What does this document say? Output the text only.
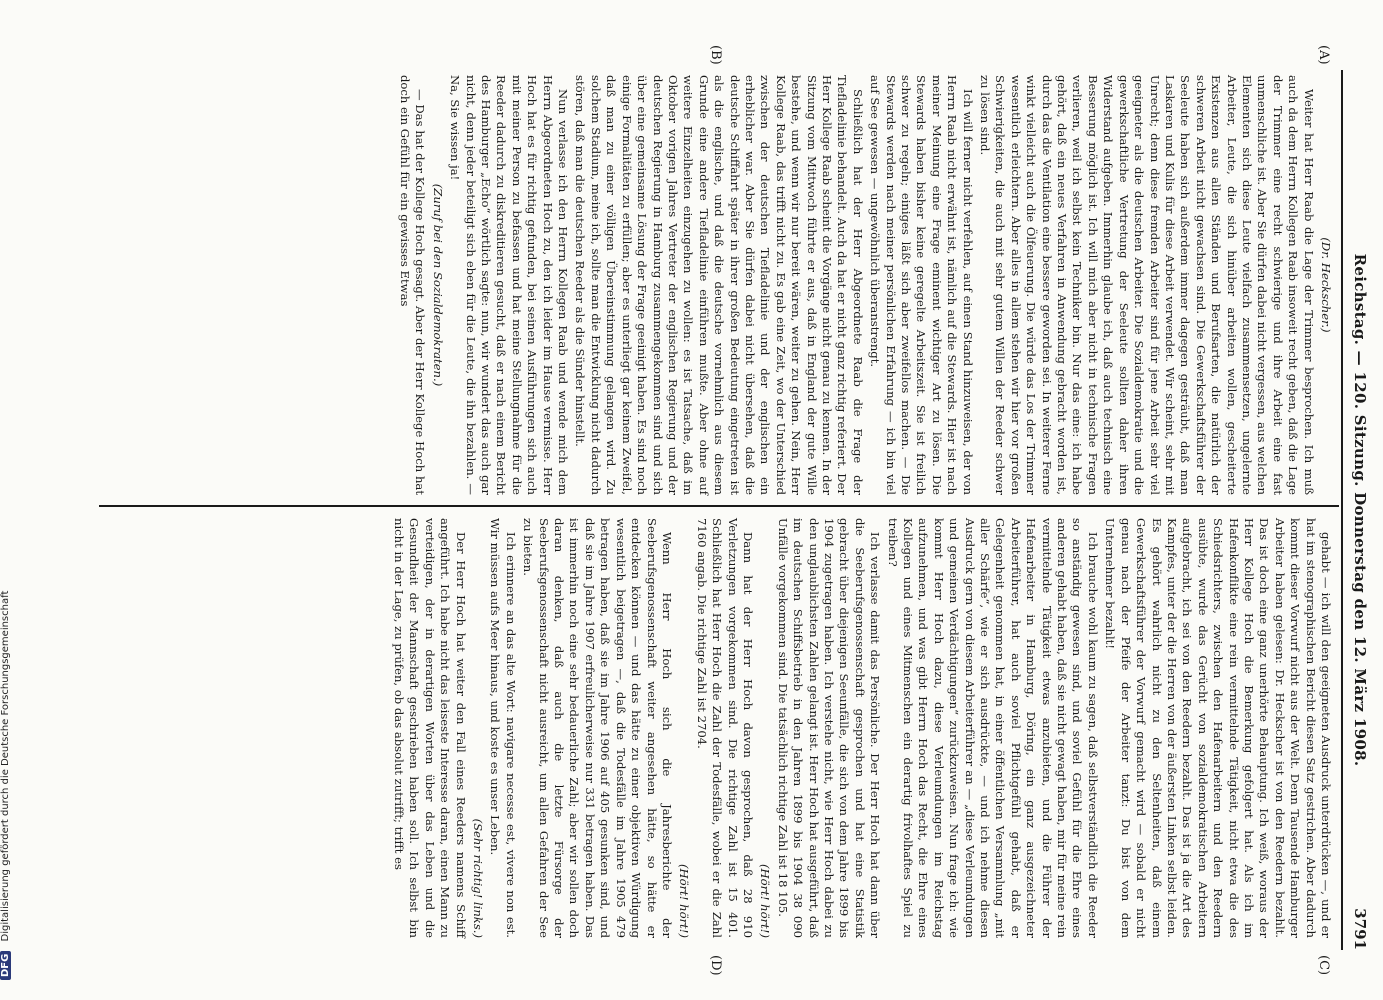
Reichstag. — 120. Sitzung. Donnerstag den 12. März 1908.
3791
(A)
(B)
(C)
(D)

(Dr. Heckscher.)

Weiter hat Herr Raab die Lage der Trimmer besprochen. Ich muß auch da dem Herrn Kollegen Raab insoweit recht geben, daß die Lage der Trimmer eine recht schwierige und ihre Arbeit eine fast unmenschliche ist. Aber Sie dürfen dabei nicht vergessen, aus welchen Elementen sich diese Leute vielfach zusammensetzen, ungelernte Arbeiter, Leute, die sich hinüber arbeiten wollen, gescheiterte Existenzen aus allen Ständen und Berufsarten, die natürlich der schweren Arbeit nicht gewachsen sind. Die Gewerkschaftsführer der Seeleute haben sich außerdem immer dagegen gesträubt, daß man Laskaren und Kulis für diese Arbeit verwendet. Wir scheint, sehr mit Unrecht; denn diese fremden Arbeiter sind für jene Arbeit sehr viel geeigneter als die deutschen Arbeiter. Die Sozialdemokratie und die gewerkschaftliche Vertretung der Seeleute sollten daher ihren Widerstand aufgeben. Immerhin glaube ich, daß auch technisch eine Besserung möglich ist. Ich will mich aber nicht in technische Fragen verlieren, weil ich selbst kein Techniker bin. Nur das eine: ich habe gehört, daß ein neues Verfahren in Anwendung gebracht worden ist, durch das die Ventilation eine bessere geworden sei. In weiterer Ferne winkt vielleicht auch die Ölfeuerung. Die würde das Los der Trimmer wesentlich erleichtern. Aber alles in allem stehen wir hier vor großen Schwierigkeiten, die auch mit sehr gutem Willen der Reeder schwer zu lösen sind.

Ich will ferner nicht verfehlen, auf einen Stand hinzuweisen, der von Herrn Raab nicht erwähnt ist, nämlich auf die Stewards. Hier ist nach meiner Meinung eine Frage eminent wichtiger Art zu lösen. Die Stewards haben bisher keine geregelte Arbeitszeit. Sie ist freilich schwer zu regeln; einiges läßt sich aber zweifellos machen. — Die Stewards werden nach meiner persönlichen Erfahrung — ich bin viel auf See gewesen — ungewöhnlich überanstrengt.

Schließlich hat der Herr Abgeordnete Raab die Frage der Tiefladelinie behandelt. Auch da hat er nicht ganz richtig referiert. Der Herr Kollege Raab scheint die Vorgänge nicht genau zu kennen. In der Sitzung vom Mittwoch führte er aus, daß in England der gute Wille bestehe, und wenn wir nur bereit wären, weiter zu gehen. Nein, Herr Kollege Raab, das trifft nicht zu. Es gab eine Zeit, wo der Unterschied zwischen der deutschen Tiefladelinie und der englischen ein erheblicher war. Aber Sie dürfen dabei nicht übersehen, daß die deutsche Schiffahrt später in ihrer großen Bedeutung eingetreten ist als die englische, und daß die deutsche vornehmlich aus diesem Grunde eine andere Tiefladelinie einführen mußte. Aber ohne auf weitere Einzelheiten einzugehen zu wollen: es ist Tatsache, daß im Oktober vorigen Jahres Vertreter der englischen Regierung und der deutschen Regierung in Hamburg zusammengekommen sind und sich über eine gemeinsame Lösung der Frage geeinigt haben. Es sind noch einige Formalitäten zu erfüllen; aber es unterliegt gar keinem Zweifel, daß man zu einer völligen Übereinstimmung gelangen wird. Zu solchem Stadium, meine ich, sollte man die Entwicklung nicht dadurch stören, daß man die deutschen Reeder als die Sünder hinstellt.

Nun verlasse ich den Herrn Kollegen Raab und wende mich dem Herrn Abgeordneten Hoch zu, den ich leider im Hause vermisse. Herr Hoch hat es für richtig gefunden, bei seinen Ausführungen sich auch mit meiner Person zu befassen und hat meine Stellungnahme für die Reeder dadurch zu diskreditieren gesucht, daß er nach einem Bericht des Hamburger „Echo“ wörtlich sagte: nun, wir wundert das auch gar nicht, denn jeder beteiligt sich eben für die Leute, die ihn bezahlen. — Na, Sie wissen ja!

(Zuruf bei den Sozialdemokraten.)

— Das hat der Kollege Hoch gesagt. Aber der Herr Kollege Hoch hat doch ein Gefühl für ein gewisses Etwas

gehabt — ich will den geeigneten Ausdruck unterdrücken —, und er hat im stenographischen Bericht diesen Satz gestrichen. Aber dadurch kommt dieser Vorwurf nicht aus der Welt. Denn Tausende Hamburger Arbeiter haben gelesen: Dr. Heckscher ist von den Reedern bezahlt. Das ist doch eine ganz unerhörte Behauptung. Ich weiß, woraus der Herr Kollege Hoch die Bemerkung gefolgert hat. Als ich im Hafenkonflikte eine rein vermittelnde Tätigkeit, nicht etwa die des Schiedsrichters, zwischen den Hafenarbeitern und den Reedern ausübte, wurde das Gerücht von sozialdemokratischen Arbeitern aufgebracht, ich sei von den Reedern bezahlt. Das ist ja die Art des Kampfes, unter der die Herren von der äußersten Linken selbst leiden. Es gehört wahrlich nicht zu den Seltenheiten, daß einem Gewerkschaftsführer der Vorwurf gemacht wird — sobald er nicht genau nach der Pfeife der Arbeiter tanzt: Du bist von dem Unternehmer bezahlt!

Ich brauche wohl kaum zu sagen, daß selbstverständlich die Reeder so anständig gewesen sind, und soviel Gefühl für die Ehre eines anderen gehabt haben, daß sie nicht gewagt haben, mir für meine rein vermittelnde Tätigkeit etwas anzubieten, und die Führer der Hafenarbeiter in Hamburg, Döring, ein ganz ausgezeichneter Arbeiterführer, hat auch soviel Pflichtgefühl gehabt, daß er Gelegenheit genommen hat, in einer öffentlichen Versammlung „mit aller Schärfe“, wie er sich ausdrückte, — und ich nehme diesen Ausdruck gern von diesem Arbeiterführer an — „diese Verleumdungen und gemeinen Verdächtigungen“ zurückzuweisen. Nun frage ich: wie kommt Herr Hoch dazu, diese Verleumdungen im Reichstag aufzunehmen, und was gibt Herrn Hoch das Recht, die Ehre eines Kollegen und eines Mitmenschen ein derartig frivolhaftes Spiel zu treiben?

Ich verlasse damit das Persönliche. Der Herr Hoch hat dann über die Seeberufsgenossenschaft gesprochen und hat eine Statistik gebracht über diejenigen Seeunfälle, die sich von dem Jahre 1899 bis 1904 zugetragen haben. Ich verstehe nicht, wie Herr Hoch dabei zu den unglaublichsten Zahlen gelangt ist. Herr Hoch hat ausgeführt, daß im deutschen Schiffsbetrieb in den Jahren 1899 bis 1904 38 090 Unfälle vorgekommen sind. Die tatsächlich richtige Zahl ist 18 105.

(Hört! hört!)

Dann hat der Herr Hoch davon gesprochen, daß 28 910 Verletzungen vorgekommen sind. Die richtige Zahl ist 15 401. Schließlich hat Herr Hoch die Zahl der Todesfälle, wobei er die Zahl 7160 angab. Die richtige Zahl ist 2704.

(Hört! hört!)

Wenn Herr Hoch sich die Jahresberichte der Seeberufsgenossenschaft weiter angesehen hätte, so hätte er entdecken können — und das hätte zu einer objektiven Würdigung wesentlich beigetragen —, daß die Todesfälle im Jahre 1905 479 betragen haben, daß sie im Jahre 1906 auf 405 gesunken sind, und daß sie im Jahre 1907 erfreulicherweise nur 331 betragen haben. Das ist immerhin noch eine sehr bedauerliche Zahl; aber wir sollen doch daran denken, daß auch die letzte Fürsorge der Seeberufsgenossenschaft nicht ausreicht, um allen Gefahren der See zu bieten.

Ich erinnere an das alte Wort: navigare necesse est, vivere non est. Wir müssen aufs Meer hinaus, und koste es unser Leben.

(Sehr richtig! links.)

Der Herr Hoch hat weiter den Fall eines Reeders namens Schiff angeführt. Ich habe nicht das leiseste Interesse daran, einen Mann zu verteidigen, der in derartigen Worten über das Leben und die Gesundheit der Mannschaft geschrieben haben soll. Ich selbst bin nicht in der Lage, zu prüfen, ob das absolut zutrifft; trifft es

DFG Digitalisierung gefördert durch die Deutsche Forschungsgemeinschaft
